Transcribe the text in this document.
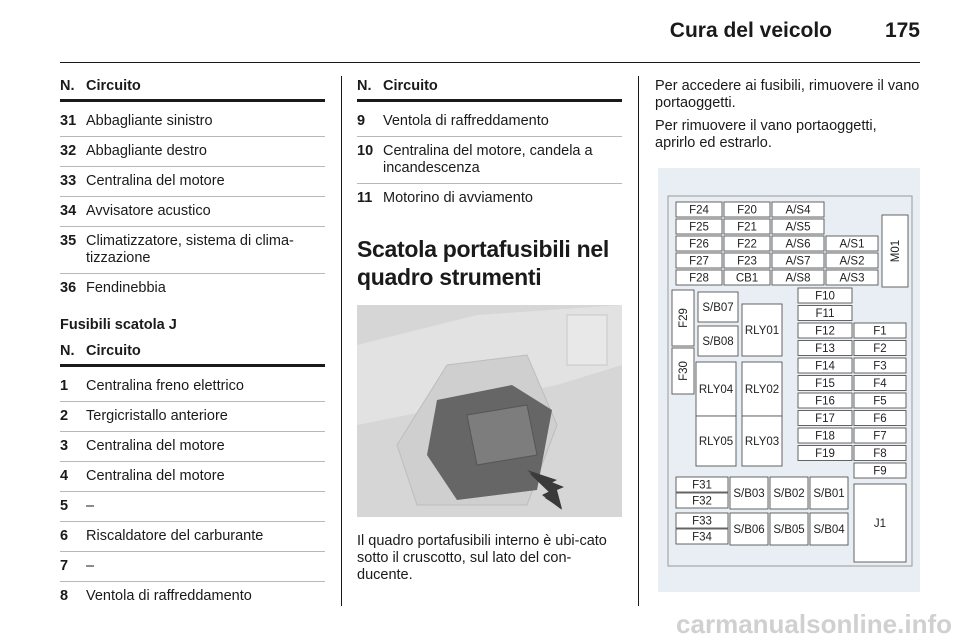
Cura del veicolo	175
N. Circuito
31 Abbagliante sinistro
32 Abbagliante destro
33 Centralina del motore
34 Avvisatore acustico
35 Climatizzatore, sistema di clima-tizzazione
36 Fendinebbia
Fusibili scatola J
N. Circuito
1	Centralina freno elettrico
2	Tergicristallo anteriore
3	Centralina del motore
4	Centralina del motore
5	–
6	Riscaldatore del carburante
7	–
8	Ventola di raffreddamento
N. Circuito
9	Ventola di raffreddamento
10 Centralina del motore, candela a incandescenza
11 Motorino di avviamento
Scatola portafusibili nel quadro strumenti
Il quadro portafusibili interno è ubi-cato sotto il cruscotto, sul lato del con-ducente.
Per accedere ai fusibili, rimuovere il vano portaoggetti.
Per rimuovere il vano portaoggetti, aprirlo ed estrarlo.
F24 F20 A/S4
F25 F21 A/S5
F26 F22 A/S6	A/S1
F27 F23 A/S7	A/S2
F28 CB1 A/S8	A/S3
M01
F29
F30
S/B07
S/B08
RLY01
RLY04 RLY02
RLY05 RLY03
F10
F11
F12
F13
F14
F15
F16
F17
F18
F19
F1
F2
F3
F4
F5
F6
F7
F8
F9
F31
F32
F33
F34
S/B03 S/B02 S/B01
S/B06 S/B05 S/B04	J1
carmanualsonline.info
